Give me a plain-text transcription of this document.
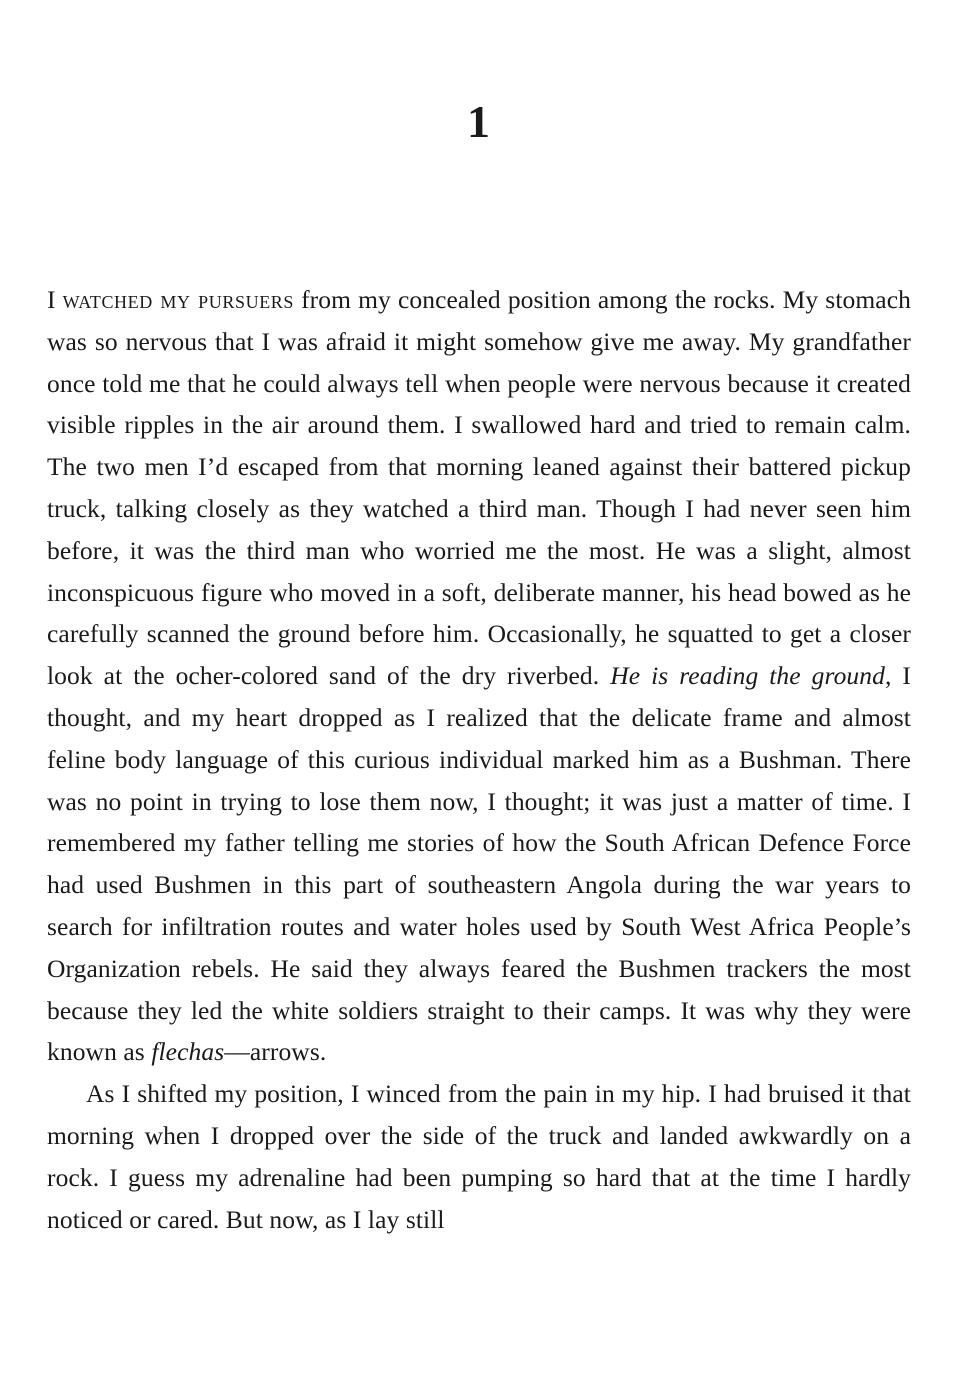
1

I watched my pursuers from my concealed position among the rocks. My stomach was so nervous that I was afraid it might somehow give me away. My grandfather once told me that he could always tell when people were nervous because it created visible ripples in the air around them. I swallowed hard and tried to remain calm. The two men I’d escaped from that morning leaned against their battered pickup truck, talking closely as they watched a third man. Though I had never seen him before, it was the third man who worried me the most. He was a slight, almost inconspicuous figure who moved in a soft, deliberate manner, his head bowed as he carefully scanned the ground before him. Occasionally, he squatted to get a closer look at the ocher-colored sand of the dry riverbed. He is reading the ground, I thought, and my heart dropped as I realized that the delicate frame and almost feline body language of this curious individual marked him as a Bushman. There was no point in trying to lose them now, I thought; it was just a matter of time. I remembered my father telling me stories of how the South African Defence Force had used Bushmen in this part of southeastern Angola during the war years to search for infiltration routes and water holes used by South West Africa People’s Organization rebels. He said they always feared the Bushmen trackers the most because they led the white soldiers straight to their camps. It was why they were known as flechas—arrows.

As I shifted my position, I winced from the pain in my hip. I had bruised it that morning when I dropped over the side of the truck and landed awkwardly on a rock. I guess my adrenaline had been pumping so hard that at the time I hardly noticed or cared. But now, as I lay still
